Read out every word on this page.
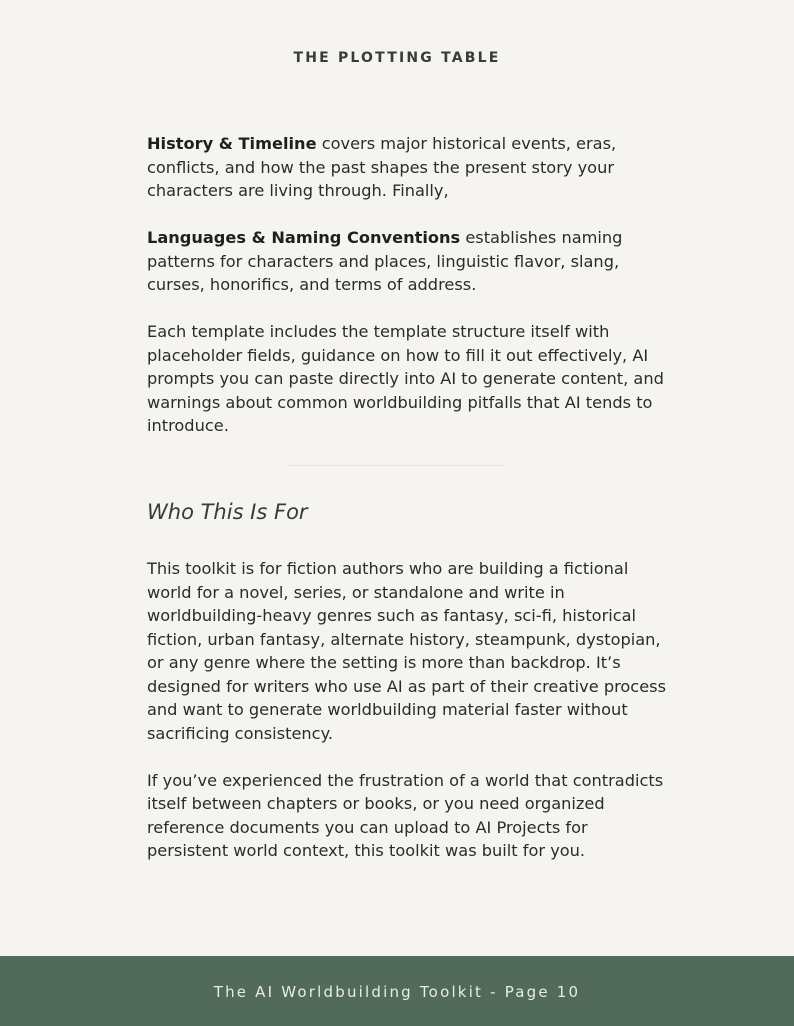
THE PLOTTING TABLE

History & Timeline covers major historical events, eras, conflicts, and how the past shapes the present story your characters are living through. Finally,

Languages & Naming Conventions establishes naming patterns for characters and places, linguistic flavor, slang, curses, honorifics, and terms of address.

Each template includes the template structure itself with placeholder fields, guidance on how to fill it out effectively, AI prompts you can paste directly into AI to generate content, and warnings about common worldbuilding pitfalls that AI tends to introduce.

Who This Is For

This toolkit is for fiction authors who are building a fictional world for a novel, series, or standalone and write in worldbuilding-heavy genres such as fantasy, sci-fi, historical fiction, urban fantasy, alternate history, steampunk, dystopian, or any genre where the setting is more than backdrop. It’s designed for writers who use AI as part of their creative process and want to generate worldbuilding material faster without sacrificing consistency.

If you’ve experienced the frustration of a world that contradicts itself between chapters or books, or you need organized reference documents you can upload to AI Projects for persistent world context, this toolkit was built for you.

The AI Worldbuilding Toolkit - Page 10
